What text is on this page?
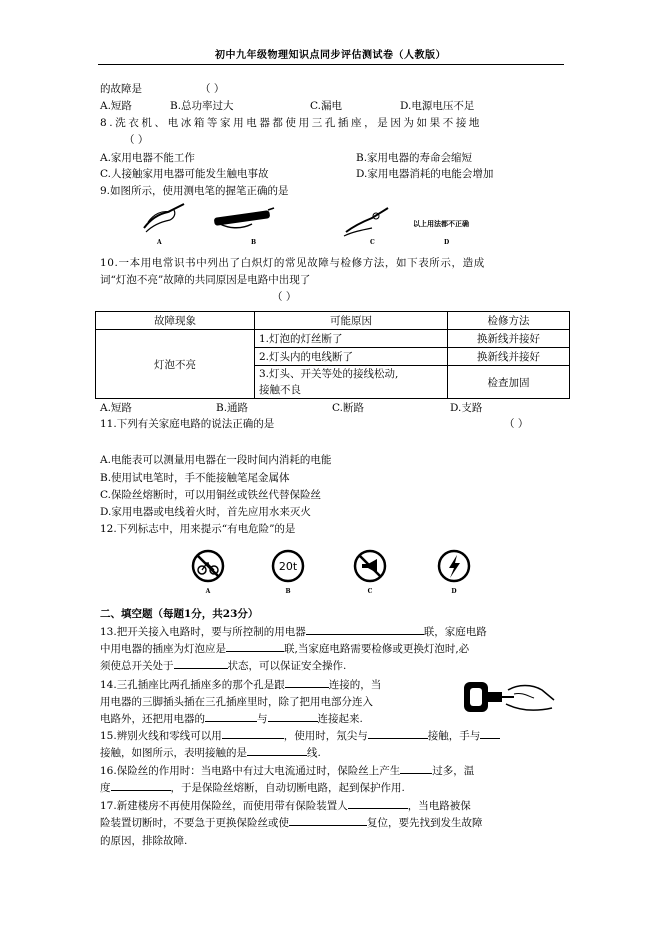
初中九年级物理知识点同步评估测试卷（人教版）
的故障是	（ ）
A.短路	B.总功率过大	C.漏电	D.电源电压不足
8.洗衣机、电冰箱等家用电器都使用三孔插座，是因为如果不接地
（ ）
A.家用电器不能工作	B.家用电器的寿命会缩短
C.人接触家用电器可能发生触电事故	D.家用电器消耗的电能会增加
9.如图所示，使用测电笔的握笔正确的是
A	B	C
以上用法都不正确
D
10.一本用电常识书中列出了白炽灯的常见故障与检修方法，如下表所示，造成
词“灯泡不亮”故障的共同原因是电路中出现了
（ ）
故障现象	可能原因	检修方法
灯泡不亮	1.灯泡的灯丝断了	换新线并接好
	2.灯头内的电线断了	换新线并接好
	3.灯头、开关等处的接线松动,
接触不良	检查加固
A.短路	B.通路	C.断路	D.支路
11.下列有关家庭电路的说法正确的是	（ ）
A.电能表可以测量用电器在一段时间内消耗的电能
B.使用试电笔时，手不能接触笔尾金属体
C.保险丝熔断时，可以用铜丝或铁丝代替保险丝
D.家用电器或电线着火时，首先应用水来灭火
12.下列标志中，用来提示“有电危险”的是
A
20t
B	C	D
二、填空题（每题1分，共23分）
13.把开关接入电路时，要与所控制的用电器	联，家庭电路
中用电器的插座为灯泡应是	联,当家庭电路需要检修或更换灯泡时,必
须使总开关处于	状态，可以保证安全操作.
14.三孔插座比两孔插座多的那个孔是跟	连接的，当
用电器的三脚插头插在三孔插座里时，除了把用电部分连入
电路外，还把用电器的	与	连接起来.
15.辨别火线和零线可以用	，使用时，氖尖与	接触，手与
接触，如图所示，表明接触的是	线.
16.保险丝的作用时：当电路中有过大电流通过时，保险丝上产生	过多，温
度	，于是保险丝熔断，自动切断电路，起到保护作用.
17.新建楼房不再使用保险丝，而使用带有保险装置人	，当电路被保
险装置切断时，不要急于更换保险丝或使	复位，要先找到发生故障
的原因，排除故障.
